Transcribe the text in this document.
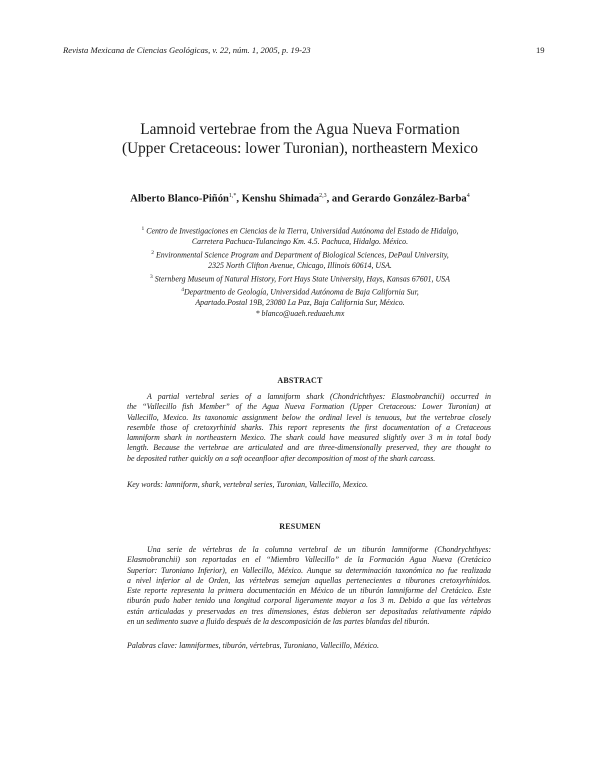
Revista Mexicana de Ciencias Geológicas, v. 22, núm. 1, 2005, p. 19-23	19
Lamnoid vertebrae from the Agua Nueva Formation
(Upper Cretaceous: lower Turonian), northeastern Mexico
Alberto Blanco-Piñón$^{1,*}$, Kenshu Shimada$^{2,3}$, and Gerardo González-Barba$^4$
$^1$ Centro de Investigaciones en Ciencias de la Tierra, Universidad Autónoma del Estado de Hidalgo,
Carretera Pachuca-Tulancingo Km. 4.5. Pachuca, Hidalgo. México.
$^2$ Environmental Science Program and Department of Biological Sciences, DePaul University,
2325 North Clifton Avenue, Chicago, Illinois 60614, USA.
$^3$ Sternberg Museum of Natural History, Fort Hays State University, Hays, Kansas 67601, USA
$^4$Departmento de Geología, Universidad Autónoma de Baja California Sur,
Apartado.Postal 19B, 23080 La Paz, Baja California Sur, México.
* blanco@uaeh.reduaeh.mx
ABSTRACT
A partial vertebral series of a lamniform shark (Chondrichthyes: Elasmobranchii) occurred in
the “Vallecillo fish Member” of the Agua Nueva Formation (Upper Cretaceous: Lower Turonian) at
Vallecillo, Mexico. Its taxonomic assignment below the ordinal level is tenuous, but the vertebrae closely
resemble those of cretoxyrhinid sharks. This report represents the first documentation of a Cretaceous
lamniform shark in northeastern Mexico. The shark could have measured slightly over 3 m in total body
length. Because the vertebrae are articulated and are three-dimensionally preserved, they are thought to
be deposited rather quickly on a soft oceanfloor after decomposition of most of the shark carcass.
Key words: lamniform, shark, vertebral series, Turonian, Vallecillo, Mexico.
RESUMEN
Una serie de vértebras de la columna vertebral de un tiburón lamniforme (Chondrychthyes:
Elasmobranchii) son reportadas en el “Miembro Vallecillo” de la Formación Agua Nueva (Cretácico
Superior: Turoniano Inferior), en Vallecillo, México. Aunque su determinación taxonómica no fue realizada
a nivel inferior al de Orden, las vértebras semejan aquellas pertenecientes a tiburones cretoxyrhínidos.
Este reporte representa la primera documentación en México de un tiburón lamniforme del Cretácico. Este
tiburón pudo haber tenido una longitud corporal ligeramente mayor a los 3 m. Debido a que las vértebras
están articuladas y preservadas en tres dimensiones, éstas debieron ser depositadas relativamente rápido
en un sedimento suave a fluido después de la descomposición de las partes blandas del tiburón.
Palabras clave: lamniformes, tiburón, vértebras, Turoniano, Vallecillo, México.
